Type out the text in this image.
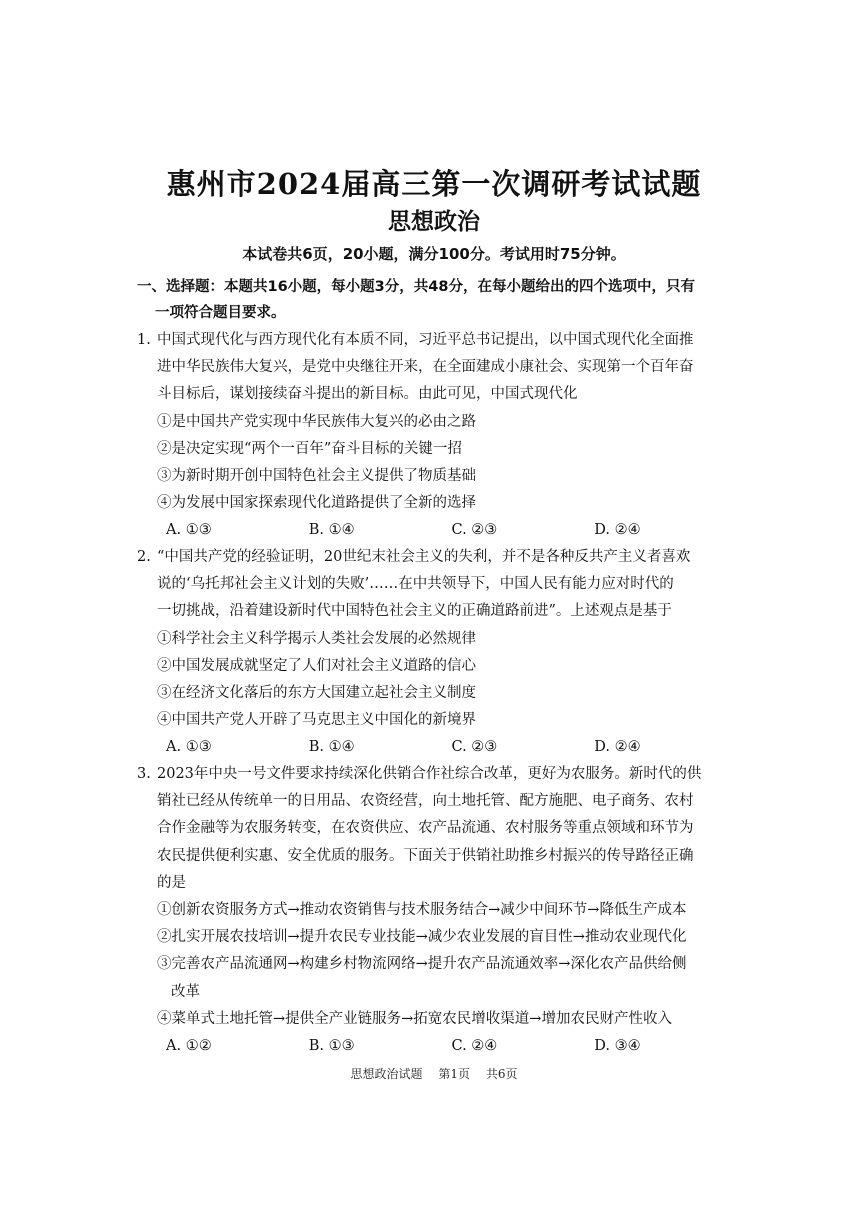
惠州市2024届高三第一次调研考试试题
思想政治
本试卷共6页，20小题，满分100分。考试用时75分钟。
一、选择题：本题共16小题，每小题3分，共48分，在每小题给出的四个选项中，只有
一项符合题目要求。
1. 中国式现代化与西方现代化有本质不同，习近平总书记提出，以中国式现代化全面推
进中华民族伟大复兴，是党中央继往开来，在全面建成小康社会、实现第一个百年奋
斗目标后，谋划接续奋斗提出的新目标。由此可见，中国式现代化
①是中国共产党实现中华民族伟大复兴的必由之路
②是决定实现“两个一百年”奋斗目标的关键一招
③为新时期开创中国特色社会主义提供了物质基础
④为发展中国家探索现代化道路提供了全新的选择
A. ①③	B. ①④	C. ②③	D. ②④
2. “中国共产党的经验证明，20世纪末社会主义的失利，并不是各种反共产主义者喜欢
说的‘乌托邦社会主义计划的失败’……在中共领导下，中国人民有能力应对时代的
一切挑战，沿着建设新时代中国特色社会主义的正确道路前进”。上述观点是基于
①科学社会主义科学揭示人类社会发展的必然规律
②中国发展成就坚定了人们对社会主义道路的信心
③在经济文化落后的东方大国建立起社会主义制度
④中国共产党人开辟了马克思主义中国化的新境界
A. ①③	B. ①④	C. ②③	D. ②④
3. 2023年中央一号文件要求持续深化供销合作社综合改革，更好为农服务。新时代的供
销社已经从传统单一的日用品、农资经营，向土地托管、配方施肥、电子商务、农村
合作金融等为农服务转变，在农资供应、农产品流通、农村服务等重点领域和环节为
农民提供便利实惠、安全优质的服务。下面关于供销社助推乡村振兴的传导路径正确
的是
①创新农资服务方式→推动农资销售与技术服务结合→减少中间环节→降低生产成本
②扎实开展农技培训→提升农民专业技能→减少农业发展的盲目性→推动农业现代化
③完善农产品流通网→构建乡村物流网络→提升农产品流通效率→深化农产品供给侧
改革
④菜单式土地托管→提供全产业链服务→拓宽农民增收渠道→增加农民财产性收入
A. ①②	B. ①③	C. ②④	D. ③④
思想政治试题 第1页 共6页
